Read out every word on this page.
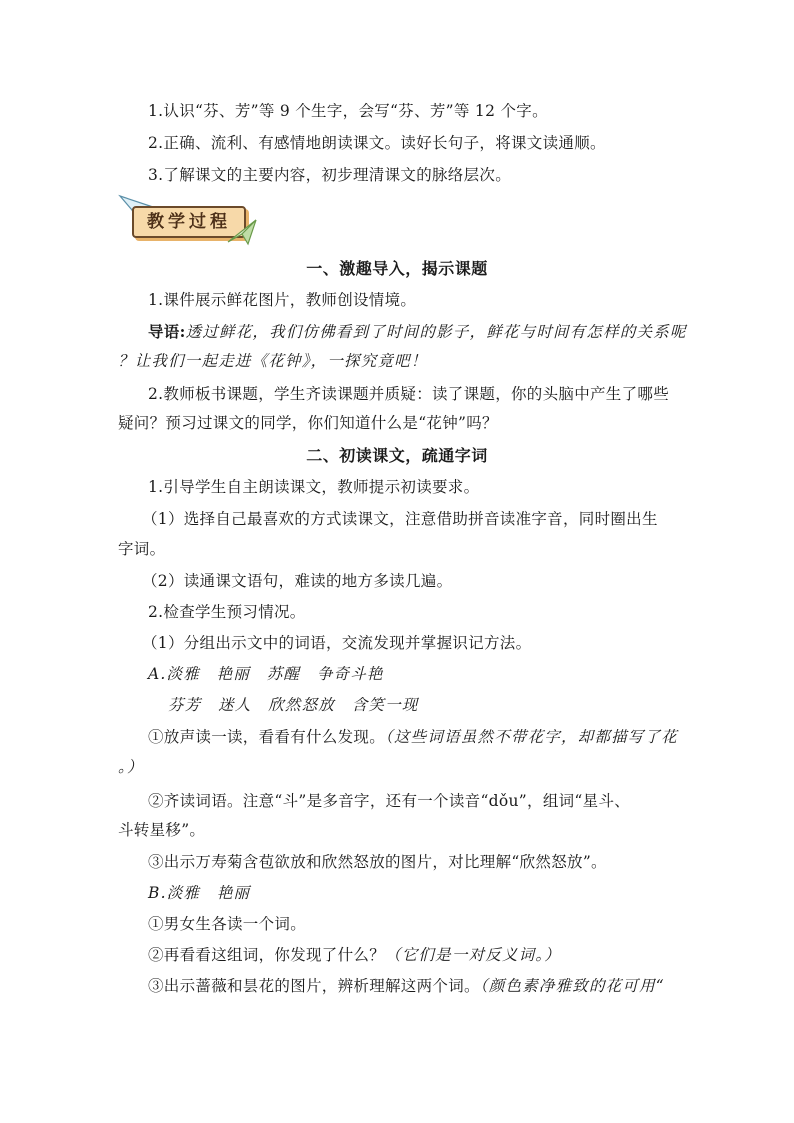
1.认识“芬、芳”等 9 个生字，会写“芬、芳”等 12 个字。
2.正确、流利、有感情地朗读课文。读好长句子，将课文读通顺。
3.了解课文的主要内容，初步理清课文的脉络层次。
教学过程
一、激趣导入，揭示课题
1.课件展示鲜花图片，教师创设情境。
导语:透过鲜花，我们仿佛看到了时间的影子，鲜花与时间有怎样的关系呢
？让我们一起走进《花钟》，一探究竟吧！
2.教师板书课题，学生齐读课题并质疑：读了课题，你的头脑中产生了哪些
疑问？预习过课文的同学，你们知道什么是“花钟”吗？
二、初读课文，疏通字词
1.引导学生自主朗读课文，教师提示初读要求。
（1）选择自己最喜欢的方式读课文，注意借助拼音读准字音，同时圈出生
字词。
（2）读通课文语句，难读的地方多读几遍。
2.检查学生预习情况。
（1）分组出示文中的词语，交流发现并掌握识记方法。
A.淡雅　艳丽　苏醒　争奇斗艳
芬芳　迷人　欣然怒放　含笑一现
①放声读一读，看看有什么发现。（这些词语虽然不带花字，却都描写了花
。）
②齐读词语。注意“斗”是多音字，还有一个读音“dǒu”，组词“星斗、
斗转星移”。
③出示万寿菊含苞欲放和欣然怒放的图片，对比理解“欣然怒放”。
B.淡雅　艳丽
①男女生各读一个词。
②再看看这组词，你发现了什么？（它们是一对反义词。）
③出示蔷薇和昙花的图片，辨析理解这两个词。（颜色素净雅致的花可用“
